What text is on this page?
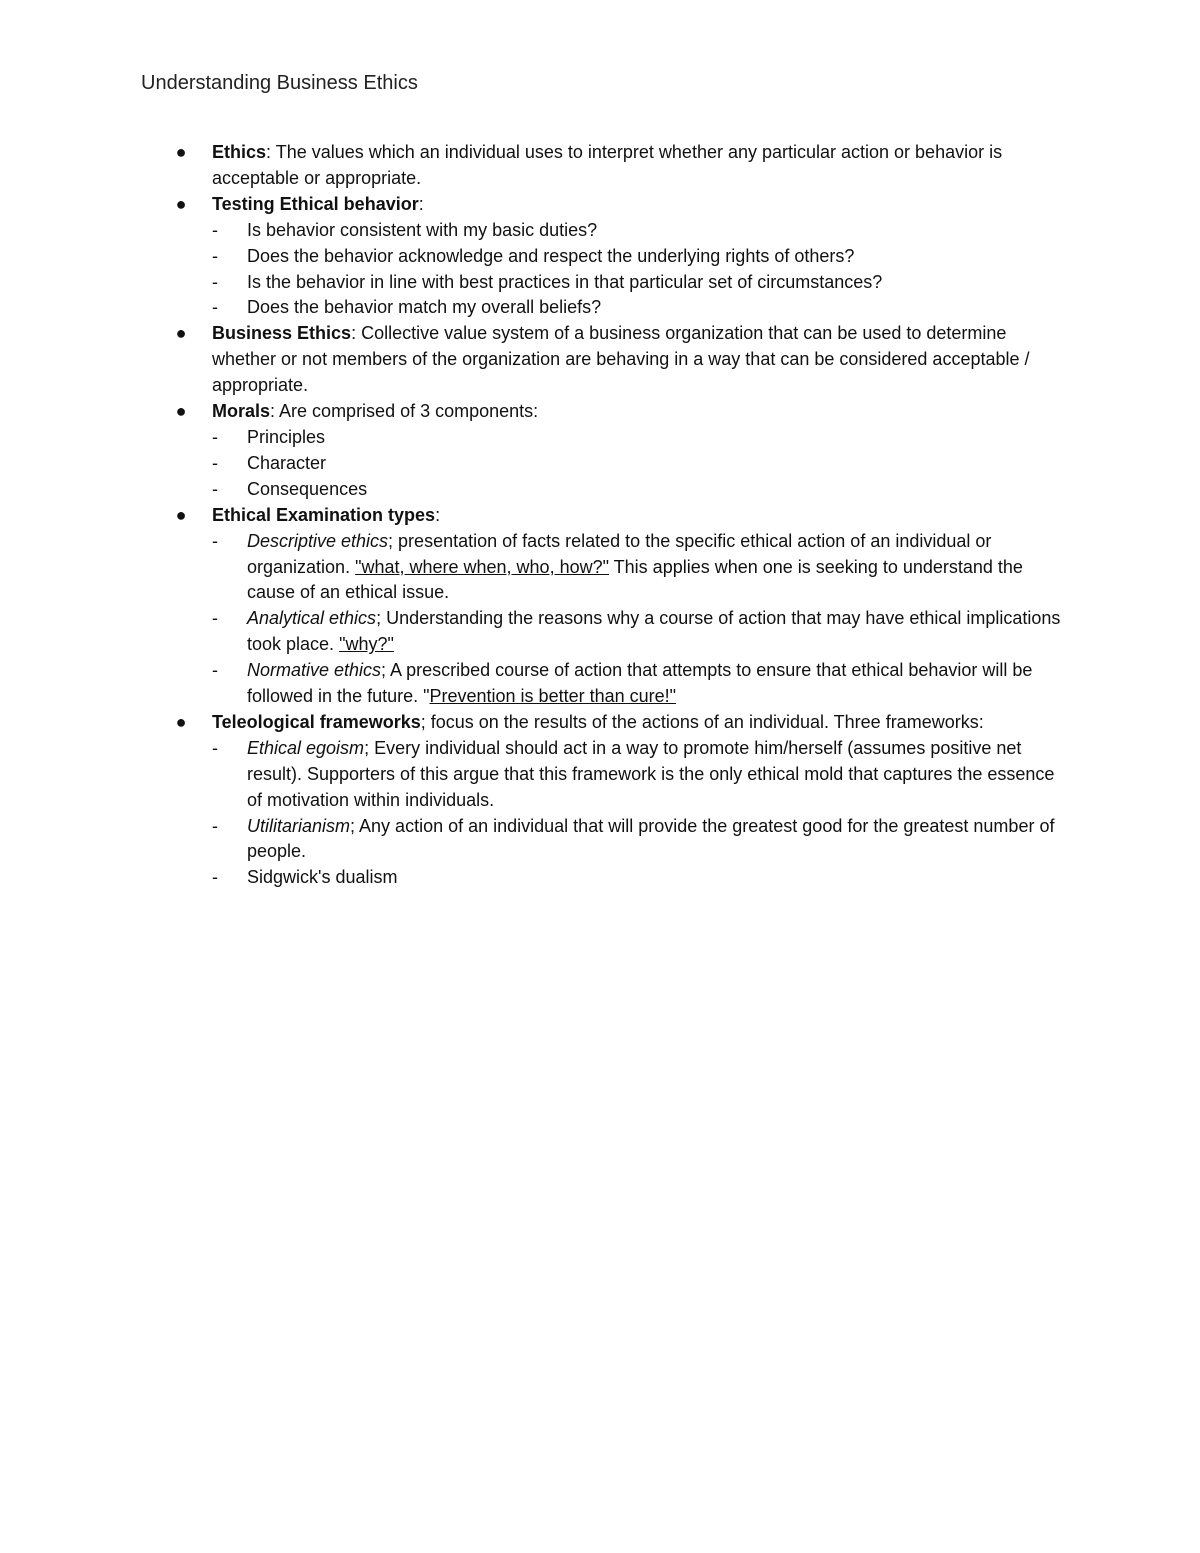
Understanding Business Ethics
● Ethics: The values which an individual uses to interpret whether any particular action or behavior is acceptable or appropriate.
● Testing Ethical behavior:
- Is behavior consistent with my basic duties?
- Does the behavior acknowledge and respect the underlying rights of others?
- Is the behavior in line with best practices in that particular set of circumstances?
- Does the behavior match my overall beliefs?
● Business Ethics: Collective value system of a business organization that can be used to determine whether or not members of the organization are behaving in a way that can be considered acceptable / appropriate.
● Morals: Are comprised of 3 components:
- Principles
- Character
- Consequences
● Ethical Examination types:
- Descriptive ethics; presentation of facts related to the specific ethical action of an individual or organization. "what, where when, who, how?" This applies when one is seeking to understand the cause of an ethical issue.
- Analytical ethics; Understanding the reasons why a course of action that may have ethical implications took place. "why?"
- Normative ethics; A prescribed course of action that attempts to ensure that ethical behavior will be followed in the future. "Prevention is better than cure!"
● Teleological frameworks; focus on the results of the actions of an individual. Three frameworks:
- Ethical egoism; Every individual should act in a way to promote him/herself (assumes positive net result). Supporters of this argue that this framework is the only ethical mold that captures the essence of motivation within individuals.
- Utilitarianism; Any action of an individual that will provide the greatest good for the greatest number of people.
- Sidgwick's dualism
